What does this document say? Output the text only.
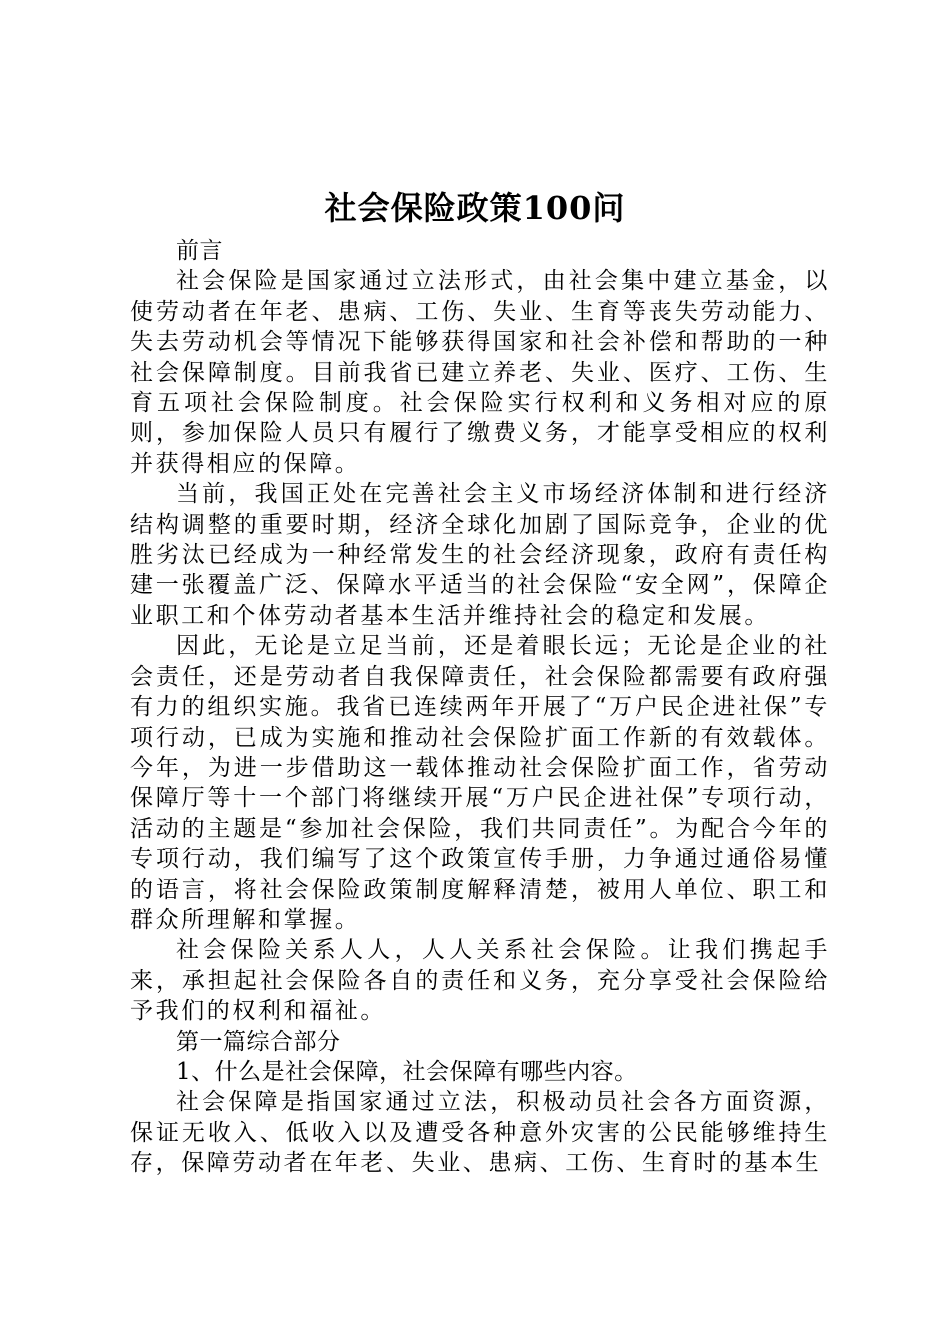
社会保险政策100问

前言

社会保险是国家通过立法形式，由社会集中建立基金，以使劳动者在年老、患病、工伤、失业、生育等丧失劳动能力、失去劳动机会等情况下能够获得国家和社会补偿和帮助的一种社会保障制度。目前我省已建立养老、失业、医疗、工伤、生育五项社会保险制度。社会保险实行权利和义务相对应的原则，参加保险人员只有履行了缴费义务，才能享受相应的权利并获得相应的保障。

当前，我国正处在完善社会主义市场经济体制和进行经济结构调整的重要时期，经济全球化加剧了国际竞争，企业的优胜劣汰已经成为一种经常发生的社会经济现象，政府有责任构建一张覆盖广泛、保障水平适当的社会保险“安全网”，保障企业职工和个体劳动者基本生活并维持社会的稳定和发展。

因此，无论是立足当前，还是着眼长远；无论是企业的社会责任，还是劳动者自我保障责任，社会保险都需要有政府强有力的组织实施。我省已连续两年开展了“万户民企进社保”专项行动，已成为实施和推动社会保险扩面工作新的有效载体。今年，为进一步借助这一载体推动社会保险扩面工作，省劳动保障厅等十一个部门将继续开展“万户民企进社保”专项行动，活动的主题是“参加社会保险，我们共同责任”。为配合今年的专项行动，我们编写了这个政策宣传手册，力争通过通俗易懂的语言，将社会保险政策制度解释清楚，被用人单位、职工和群众所理解和掌握。

社会保险关系人人，人人关系社会保险。让我们携起手来，承担起社会保险各自的责任和义务，充分享受社会保险给予我们的权利和福祉。

第一篇综合部分

1、什么是社会保障，社会保障有哪些内容。

社会保障是指国家通过立法，积极动员社会各方面资源，保证无收入、低收入以及遭受各种意外灾害的公民能够维持生存，保障劳动者在年老、失业、患病、工伤、生育时的基本生
